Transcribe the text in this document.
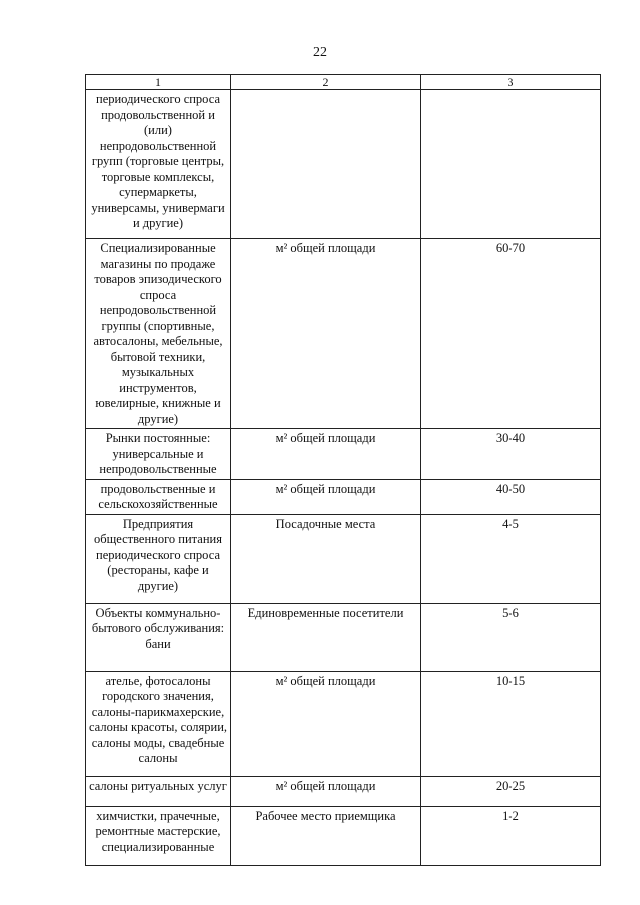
22
1	2	3
периодического спроса продовольственной и (или) непродовольственной групп (торговые центры, торговые комплексы, супермаркеты, универсамы, универмаги и другие)		
Специализированные магазины по продаже товаров эпизодического спроса непродовольственной группы (спортивные, автосалоны, мебельные, бытовой техники, музыкальных инструментов, ювелирные, книжные и другие)	м² общей площади	60-70
Рынки постоянные: универсальные и непродовольственные	м² общей площади	30-40
продовольственные и сельскохозяйственные	м² общей площади	40-50
Предприятия общественного питания периодического спроса (рестораны, кафе и другие)	Посадочные места	4-5
Объекты коммунально-бытового обслуживания: бани	Единовременные посетители	5-6
ателье, фотосалоны городского значения, салоны-парикмахерские, салоны красоты, солярии, салоны моды, свадебные салоны	м² общей площади	10-15
салоны ритуальных услуг	м² общей площади	20-25
химчистки, прачечные, ремонтные мастерские, специализированные	Рабочее место приемщика	1-2
